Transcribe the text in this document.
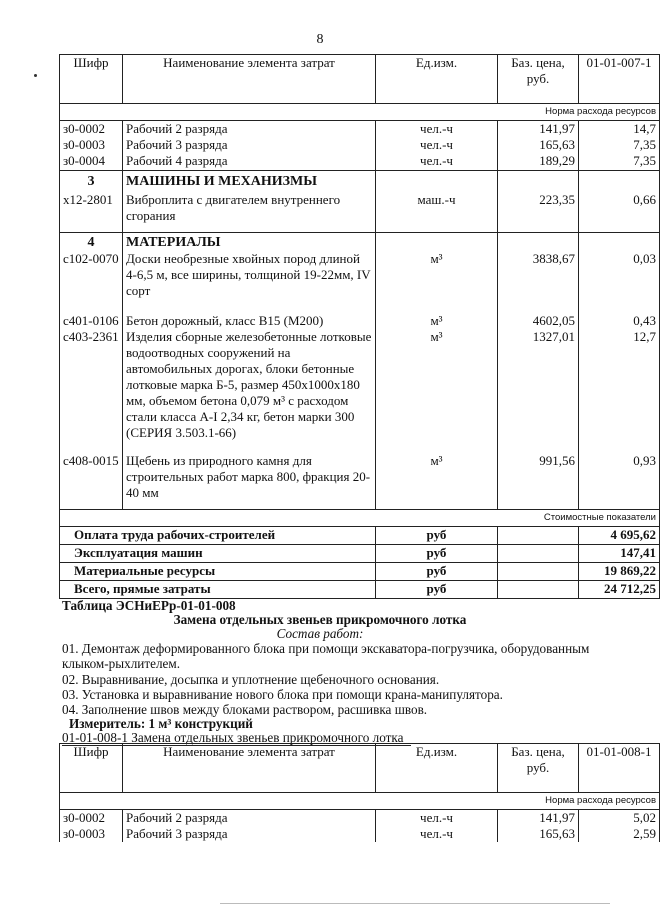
8
Шифр	Наименование элемента затрат	Ед.изм.	Баз. цена, руб.	01-01-007-1
Норма расхода ресурсов				
з0-0002	Рабочий 2 разряда	чел.-ч	141,97	14,7
з0-0003	Рабочий 3 разряда	чел.-ч	165,63	7,35
з0-0004	Рабочий 4 разряда	чел.-ч	189,29	7,35
3	МАШИНЫ И МЕХАНИЗМЫ			
х12-2801	Виброплита с двигателем внутреннего сгорания	маш.-ч	223,35	0,66
4	МАТЕРИАЛЫ			
с102-0070	Доски необрезные хвойных пород длиной 4-6,5 м, все ширины, толщиной 19-22мм, IV сорт	м³	3838,67	0,03
с401-0106	Бетон дорожный, класс В15 (М200)	м³	4602,05	0,43
с403-2361	Изделия сборные железобетонные лотковые водоотводных сооружений на автомобильных дорогах, блоки бетонные лотковые марка Б-5, размер 450х1000х180 мм, объемом бетона 0,079 м³ с расходом стали класса А-I 2,34 кг, бетон марки 300 (СЕРИЯ 3.503.1-66)	м³	1327,01	12,7
с408-0015	Щебень из природного камня для строительных работ марка 800, фракция 20-40 мм	м³	991,56	0,93
Стоимостные показатели				
Оплата труда рабочих-строителей		руб		4 695,62
Эксплуатация машин		руб		147,41
Материальные ресурсы		руб		19 869,22
Всего, прямые затраты		руб		24 712,25
Таблица ЭСНиЕРр-01-01-008
Замена отдельных звеньев прикромочного лотка
Состав работ:
01. Демонтаж деформированного блока при помощи экскаватора-погрузчика, оборудованным клыком-рыхлителем.
02. Выравнивание, досыпка и уплотнение щебеночного основания.
03. Установка и выравнивание нового блока при помощи крана-манипулятора.
04. Заполнение швов между блоками раствором, расшивка швов.
Измеритель: 1 м³ конструкций
01-01-008-1 Замена отдельных звеньев прикромочного лотка
Шифр	Наименование элемента затрат	Ед.изм.	Баз. цена, руб.	01-01-008-1
Норма расхода ресурсов				
з0-0002	Рабочий 2 разряда	чел.-ч	141,97	5,02
з0-0003	Рабочий 3 разряда	чел.-ч	165,63	2,59
